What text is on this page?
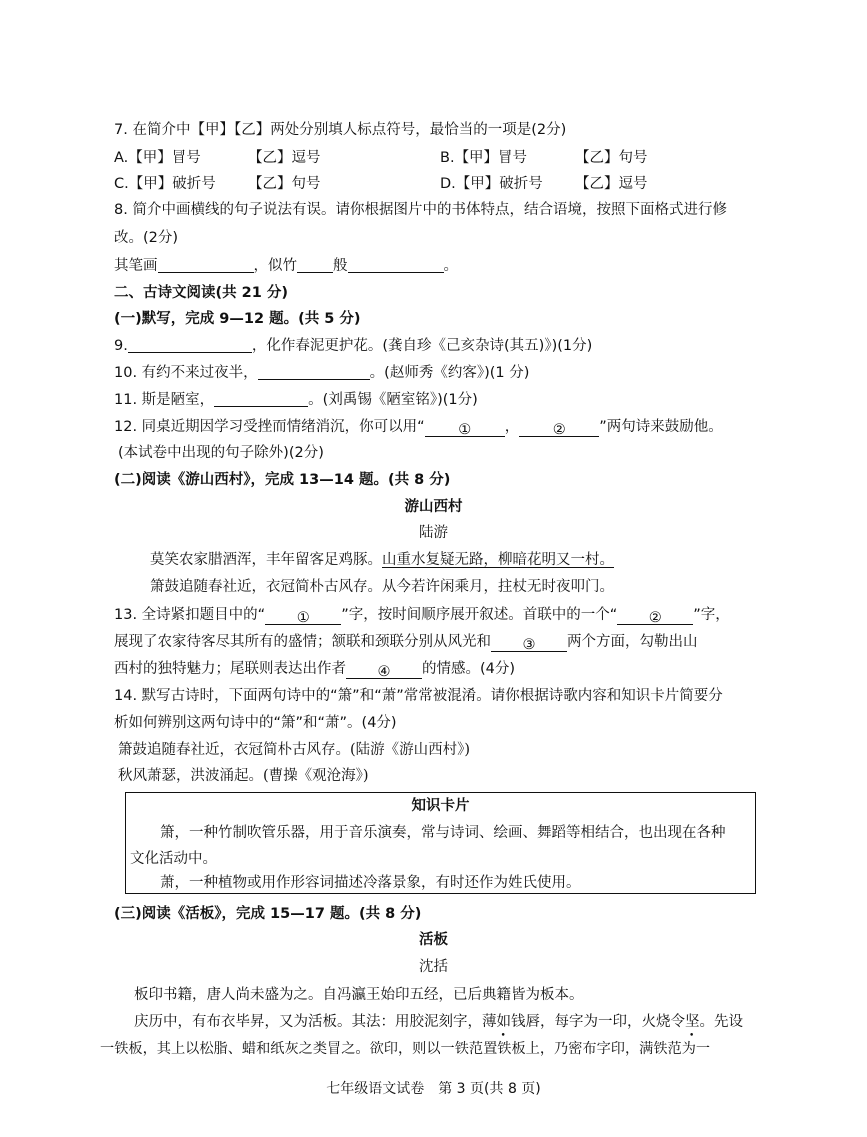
7. 在简介中【甲】【乙】两处分别填人标点符号，最恰当的一项是(2分)
A.【甲】冒号	【乙】逗号	B.【甲】冒号	【乙】句号
C.【甲】破折号 【乙】句号	D.【甲】破折号 【乙】逗号
8. 简介中画横线的句子说法有误。请你根据图片中的书体特点，结合语境，按照下面格式进行修
改。(2分)
其笔画	，似竹 般	。
二、古诗文阅读(共 21 分)
(一)默写，完成 9—12 题。(共 5 分)
9.	，化作春泥更护花。(龚自珍《己亥杂诗(其五)》)(1分)
10. 有约不来过夜半，	。(赵师秀《约客》)(1 分)
11. 斯是陋室，	。(刘禹锡《陋室铭》)(1分)
12. 同桌近期因学习受挫而情绪消沉，你可以用“ ① ， ② ”两句诗来鼓励他。
(本试卷中出现的句子除外)(2分)
(二)阅读《游山西村》，完成 13—14 题。(共 8 分)
游山西村
陆游
莫笑农家腊酒浑，丰年留客足鸡豚。山重水复疑无路，柳暗花明又一村。
箫鼓追随春社近，衣冠简朴古风存。从今若许闲乘月，拄杖无时夜叩门。
13. 全诗紧扣题目中的“ ① ”字，按时间顺序展开叙述。首联中的一个“ ② ”字，
展现了农家待客尽其所有的盛情；颔联和颈联分别从风光和 ③ 两个方面，勾勒出山
西村的独特魅力；尾联则表达出作者 ④ 的情感。(4分)
14. 默写古诗时，下面两句诗中的“箫”和“萧”常常被混淆。请你根据诗歌内容和知识卡片简要分
析如何辨别这两句诗中的“箫”和“萧”。(4分)
箫鼓追随春社近，衣冠简朴古风存。(陆游《游山西村》)
秋风萧瑟，洪波涌起。(曹操《观沧海》)
知识卡片
箫，一种竹制吹管乐器，用于音乐演奏，常与诗词、绘画、舞蹈等相结合，也出现在各种
文化活动中。
萧，一种植物或用作形容词描述冷落景象，有时还作为姓氏使用。
(三)阅读《活板》，完成 15—17 题。(共 8 分)
活板
沈括
板印书籍，唐人尚未盛为之。自冯瀛王始印五经，已后典籍皆为板本。
庆历中，有布衣毕昇，又为活板。其法：用胶泥刻字，薄如钱唇，每字为一印，火烧令坚。先设
一铁板，其上以松脂、蜡和纸灰之类冒之。欲印，则以一铁范置铁板上，乃密布字印，满铁范为一
七年级语文试卷　第 3 页(共 8 页)
